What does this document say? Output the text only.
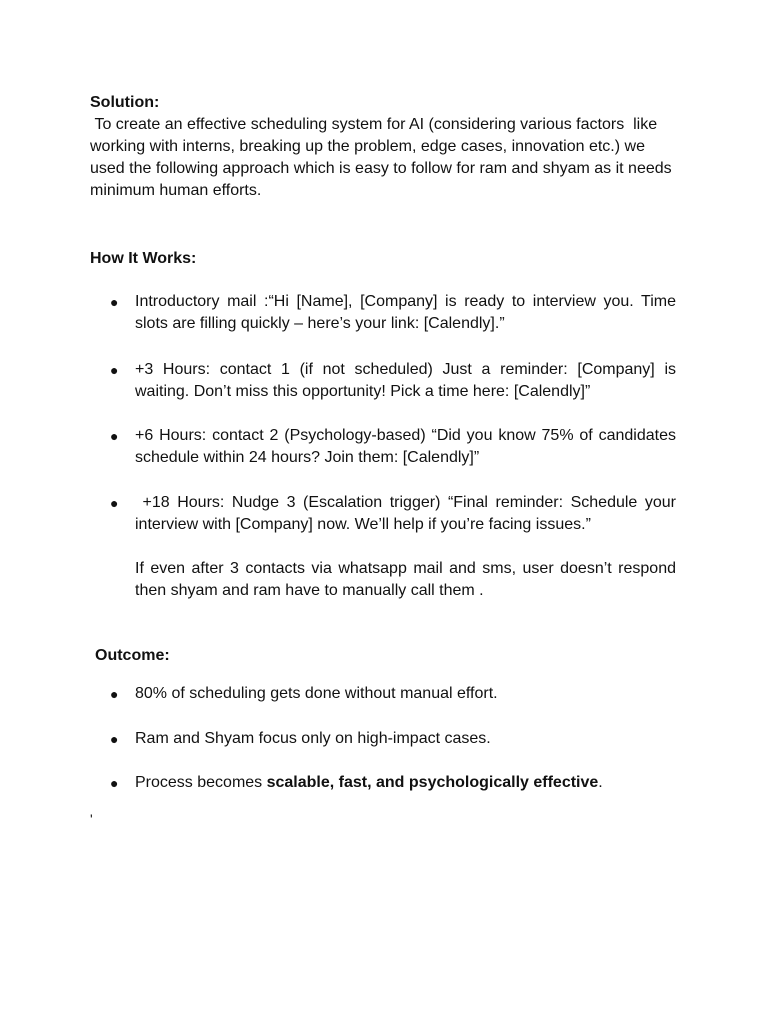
Solution:
To create an effective scheduling system for AI (considering various factors  like working with interns, breaking up the problem, edge cases, innovation etc.) we used the following approach which is easy to follow for ram and shyam as it needs minimum human efforts.
How It Works:
● Introductory mail :“Hi [Name], [Company] is ready to interview you. Time slots are filling quickly – here’s your link: [Calendly].”
● +3 Hours: contact 1 (if not scheduled) Just a reminder: [Company] is waiting. Don’t miss this opportunity! Pick a time here: [Calendly]”
● +6 Hours: contact 2 (Psychology-based) “Did you know 75% of candidates schedule within 24 hours? Join them: [Calendly]”
● +18 Hours: Nudge 3 (Escalation trigger) “Final reminder: Schedule your interview with [Company] now. We’ll help if you’re facing issues.”
If even after 3 contacts via whatsapp mail and sms, user doesn’t respond then shyam and ram have to manually call them .
Outcome:
● 80% of scheduling gets done without manual effort.
● Ram and Shyam focus only on high-impact cases.
● Process becomes scalable, fast, and psychologically effective.
'
